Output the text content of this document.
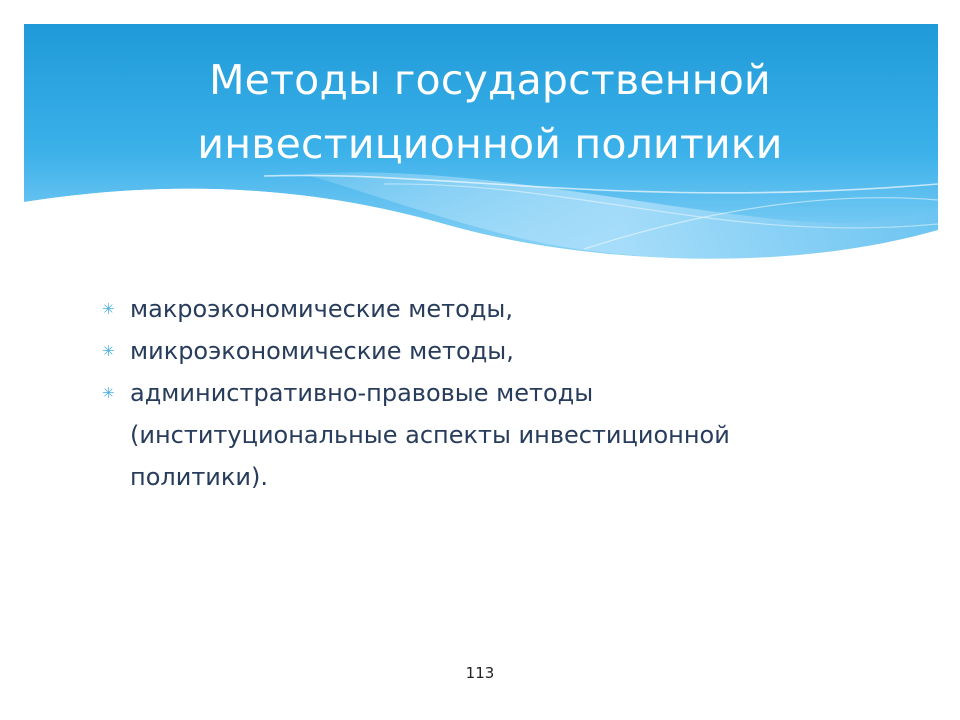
Методы государственной инвестиционной политики
✳ макроэкономические методы,
✳ микроэкономические методы,
✳ административно-правовые методы (институциональные аспекты инвестиционной политики).
113
